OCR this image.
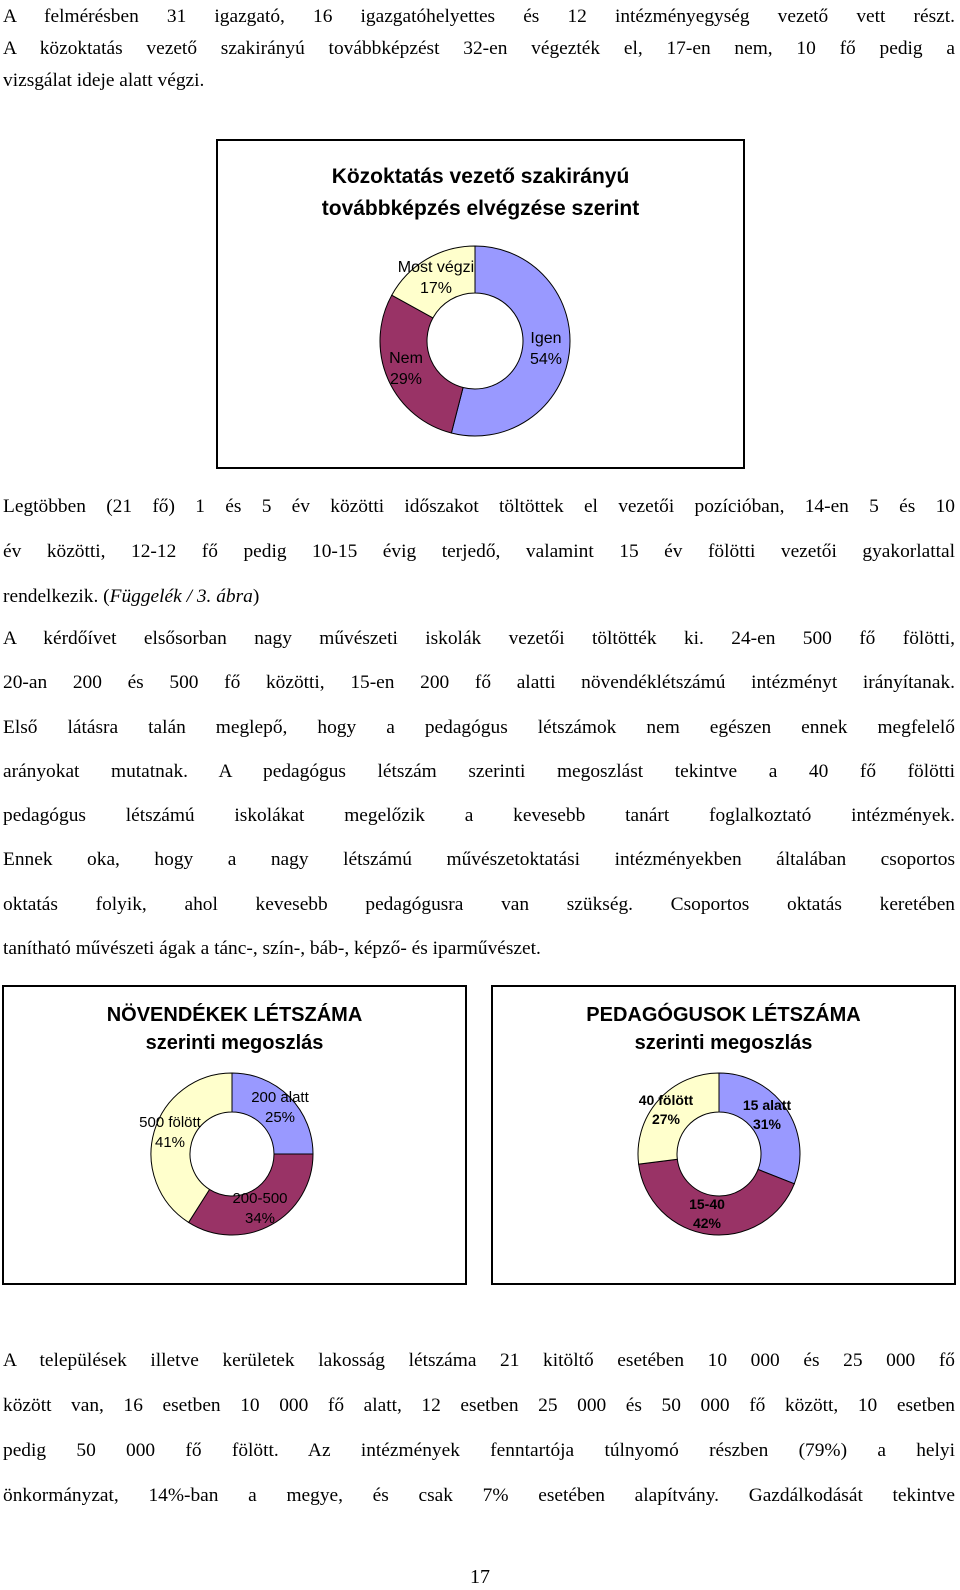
A felmérésben 31 igazgató, 16 igazgatóhelyettes és 12 intézményegység vezető vett részt.
A közoktatás vezető szakirányú továbbképzést 32-en végezték el, 17-en nem, 10 fő pedig a
vizsgálat ideje alatt végzi.
Közoktatás vezető szakirányú
továbbképzés elvégzése szerint
Igen 54%
Nem 29%
Most végzi 17%
Legtöbben (21 fő) 1 és 5 év közötti időszakot töltöttek el vezetői pozícióban, 14-en 5 és 10
év közötti, 12-12 fő pedig 10-15 évig terjedő, valamint 15 év fölötti vezetői gyakorlattal
rendelkezik. (Függelék / 3. ábra)
A kérdőívet elsősorban nagy művészeti iskolák vezetői töltötték ki. 24-en 500 fő fölötti,
20-an 200 és 500 fő közötti, 15-en 200 fő alatti növendéklétszámú intézményt irányítanak.
Első látásra talán meglepő, hogy a pedagógus létszámok nem egészen ennek megfelelő
arányokat mutatnak. A pedagógus létszám szerinti megoszlást tekintve a 40 fő fölötti
pedagógus létszámú iskolákat megelőzik a kevesebb tanárt foglalkoztató intézmények.
Ennek oka, hogy a nagy létszámú művészetoktatási intézményekben általában csoportos
oktatás folyik, ahol kevesebb pedagógusra van szükség. Csoportos oktatás keretében
tanítható művészeti ágak a tánc-, szín-, báb-, képző- és iparművészet.
NÖVENDÉKEK LÉTSZÁMA
szerinti megoszlás
200 alatt 25%
200-500 34%
500 fölött 41%
PEDAGÓGUSOK LÉTSZÁMA
szerinti megoszlás
15 alatt 31%
15-40 42%
40 fölött 27%
A települések illetve kerületek lakosság létszáma 21 kitöltő esetében 10 000 és 25 000 fő
között van, 16 esetben 10 000 fő alatt, 12 esetben 25 000 és 50 000 fő között, 10 esetben
pedig 50 000 fő fölött. Az intézmények fenntartója túlnyomó részben (79%) a helyi
önkormányzat, 14%-ban a megye, és csak 7% esetében alapítvány. Gazdálkodását tekintve
17
